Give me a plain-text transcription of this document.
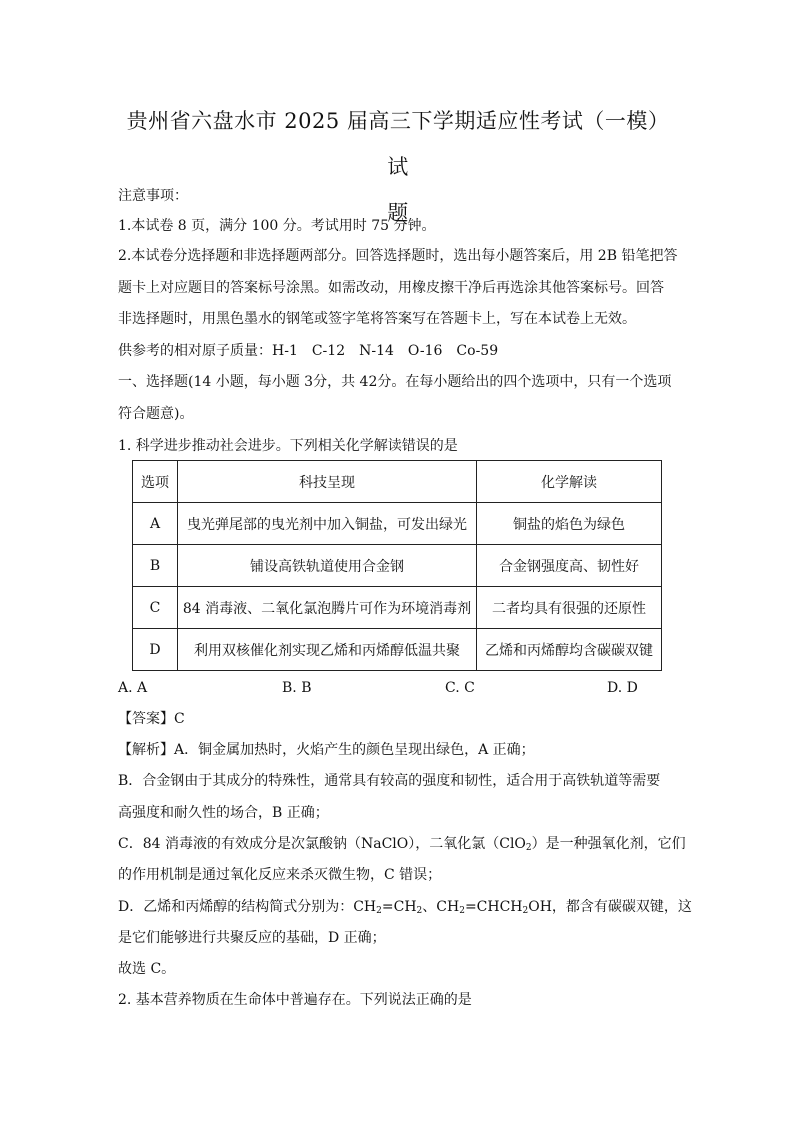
贵州省六盘水市 2025 届高三下学期适应性考试（一模）试
题
注意事项：
1.本试卷 8 页，满分 100 分。考试用时 75 分钟。
2.本试卷分选择题和非选择题两部分。回答选择题时，选出每小题答案后，用 2B 铅笔把答
题卡上对应题目的答案标号涂黑。如需改动，用橡皮擦干净后再选涂其他答案标号。回答
非选择题时，用黑色墨水的钢笔或签字笔将答案写在答题卡上，写在本试卷上无效。
供参考的相对原子质量：H-1　C-12　N-14　O-16　Co-59
一、选择题(14 小题，每小题 3分，共 42分。在每小题给出的四个选项中，只有一个选项
符合题意)。
1. 科学进步推动社会进步。下列相关化学解读错误的是
选项	科技呈现	化学解读
A	曳光弹尾部的曳光剂中加入铜盐，可发出绿光	铜盐的焰色为绿色
B	铺设高铁轨道使用合金钢	合金钢强度高、韧性好
C	84 消毒液、二氧化氯泡腾片可作为环境消毒剂	二者均具有很强的还原性
D	利用双核催化剂实现乙烯和丙烯醇低温共聚	乙烯和丙烯醇均含碳碳双键
A. A	B. B	C. C	D. D
【答案】C
【解析】A．铜金属加热时，火焰产生的颜色呈现出绿色，A 正确；
B．合金钢由于其成分的特殊性，通常具有较高的强度和韧性，适合用于高铁轨道等需要
高强度和耐久性的场合，B 正确；
C．84 消毒液的有效成分是次氯酸钠（NaClO），二氧化氯（ClO$_2$）是一种强氧化剂，它们
的作用机制是通过氧化反应来杀灭微生物，C 错误；
D．乙烯和丙烯醇的结构简式分别为：$CH_2=CH_2$、$CH_2=CHCH_2OH$，都含有碳碳双键，这
是它们能够进行共聚反应的基础，D 正确；
故选 C。
2. 基本营养物质在生命体中普遍存在。下列说法正确的是
